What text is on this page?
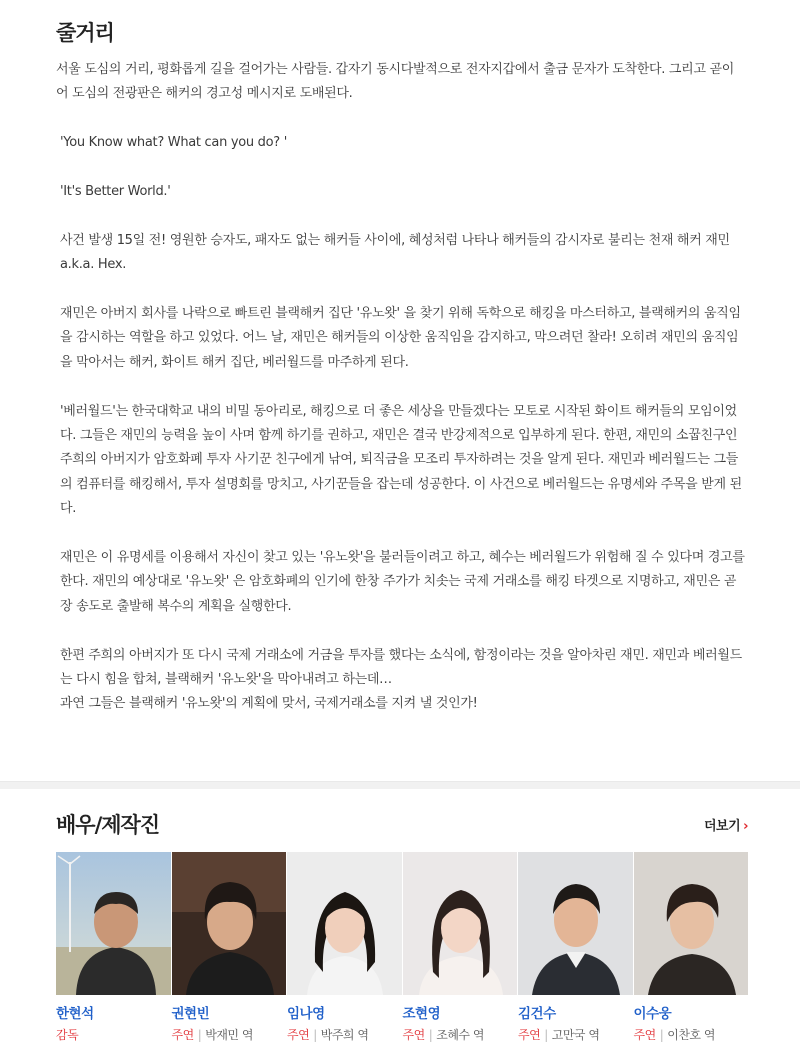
줄거리

서울 도심의 거리, 평화롭게 길을 걸어가는 사람들. 갑자기 동시다발적으로 전자지갑에서 출금 문자가 도착한다. 그리고 곧이어 도심의 전광판은 해커의 경고성 메시지로 도배된다.

'You Know what? What can you do? '

'It's Better World.'

사건 발생 15일 전! 영원한 승자도, 패자도 없는 해커들 사이에, 혜성처럼 나타나 해커들의 감시자로 불리는 천재 해커 재민 a.k.a. Hex.

재민은 아버지 회사를 나락으로 빠트린 블랙해커 집단 '유노왓' 을 찾기 위해 독학으로 해킹을 마스터하고, 블랙해커의 움직임을 감시하는 역할을 하고 있었다. 어느 날, 재민은 해커들의 이상한 움직임을 감지하고, 막으려던 찰라! 오히려 재민의 움직임을 막아서는 해커, 화이트 해커 집단, 베러월드를 마주하게 된다.

'베러월드'는 한국대학교 내의 비밀 동아리로, 해킹으로 더 좋은 세상을 만들겠다는 모토로 시작된 화이트 해커들의 모임이었다. 그들은 재민의 능력을 높이 사며 함께 하기를 권하고, 재민은 결국 반강제적으로 입부하게 된다. 한편, 재민의 소꿉친구인 주희의 아버지가 암호화폐 투자 사기꾼 친구에게 낚여, 퇴직금을 모조리 투자하려는 것을 알게 된다. 재민과 베러월드는 그들의 컴퓨터를 해킹해서, 투자 설명회를 망치고, 사기꾼들을 잡는데 성공한다. 이 사건으로 베러월드는 유명세와 주목을 받게 된다.

재민은 이 유명세를 이용해서 자신이 찾고 있는 '유노왓'을 불러들이려고 하고, 혜수는 베러월드가 위험해 질 수 있다며 경고를 한다. 재민의 예상대로 '유노왓' 은 암호화폐의 인기에 한창 주가가 치솟는 국제 거래소를 해킹 타겟으로 지명하고, 재민은 곧장 송도로 출발해 복수의 계획을 실행한다.

한편 주희의 아버지가 또 다시 국제 거래소에 거금을 투자를 했다는 소식에, 함정이라는 것을 알아차린 재민. 재민과 베러월드는 다시 힘을 합쳐, 블랙해커 '유노왓'을 막아내려고 하는데…

과연 그들은 블랙해커 '유노왓'의 계획에 맞서, 국제거래소를 지켜 낼 것인가!

배우/제작진	더보기 ›
한현석
감독
권현빈
주연 | 박재민 역
임나영
주연 | 박주희 역
조현영
주연 | 조혜수 역
김건수
주연 | 고만국 역
이수웅
주연 | 이찬호 역
